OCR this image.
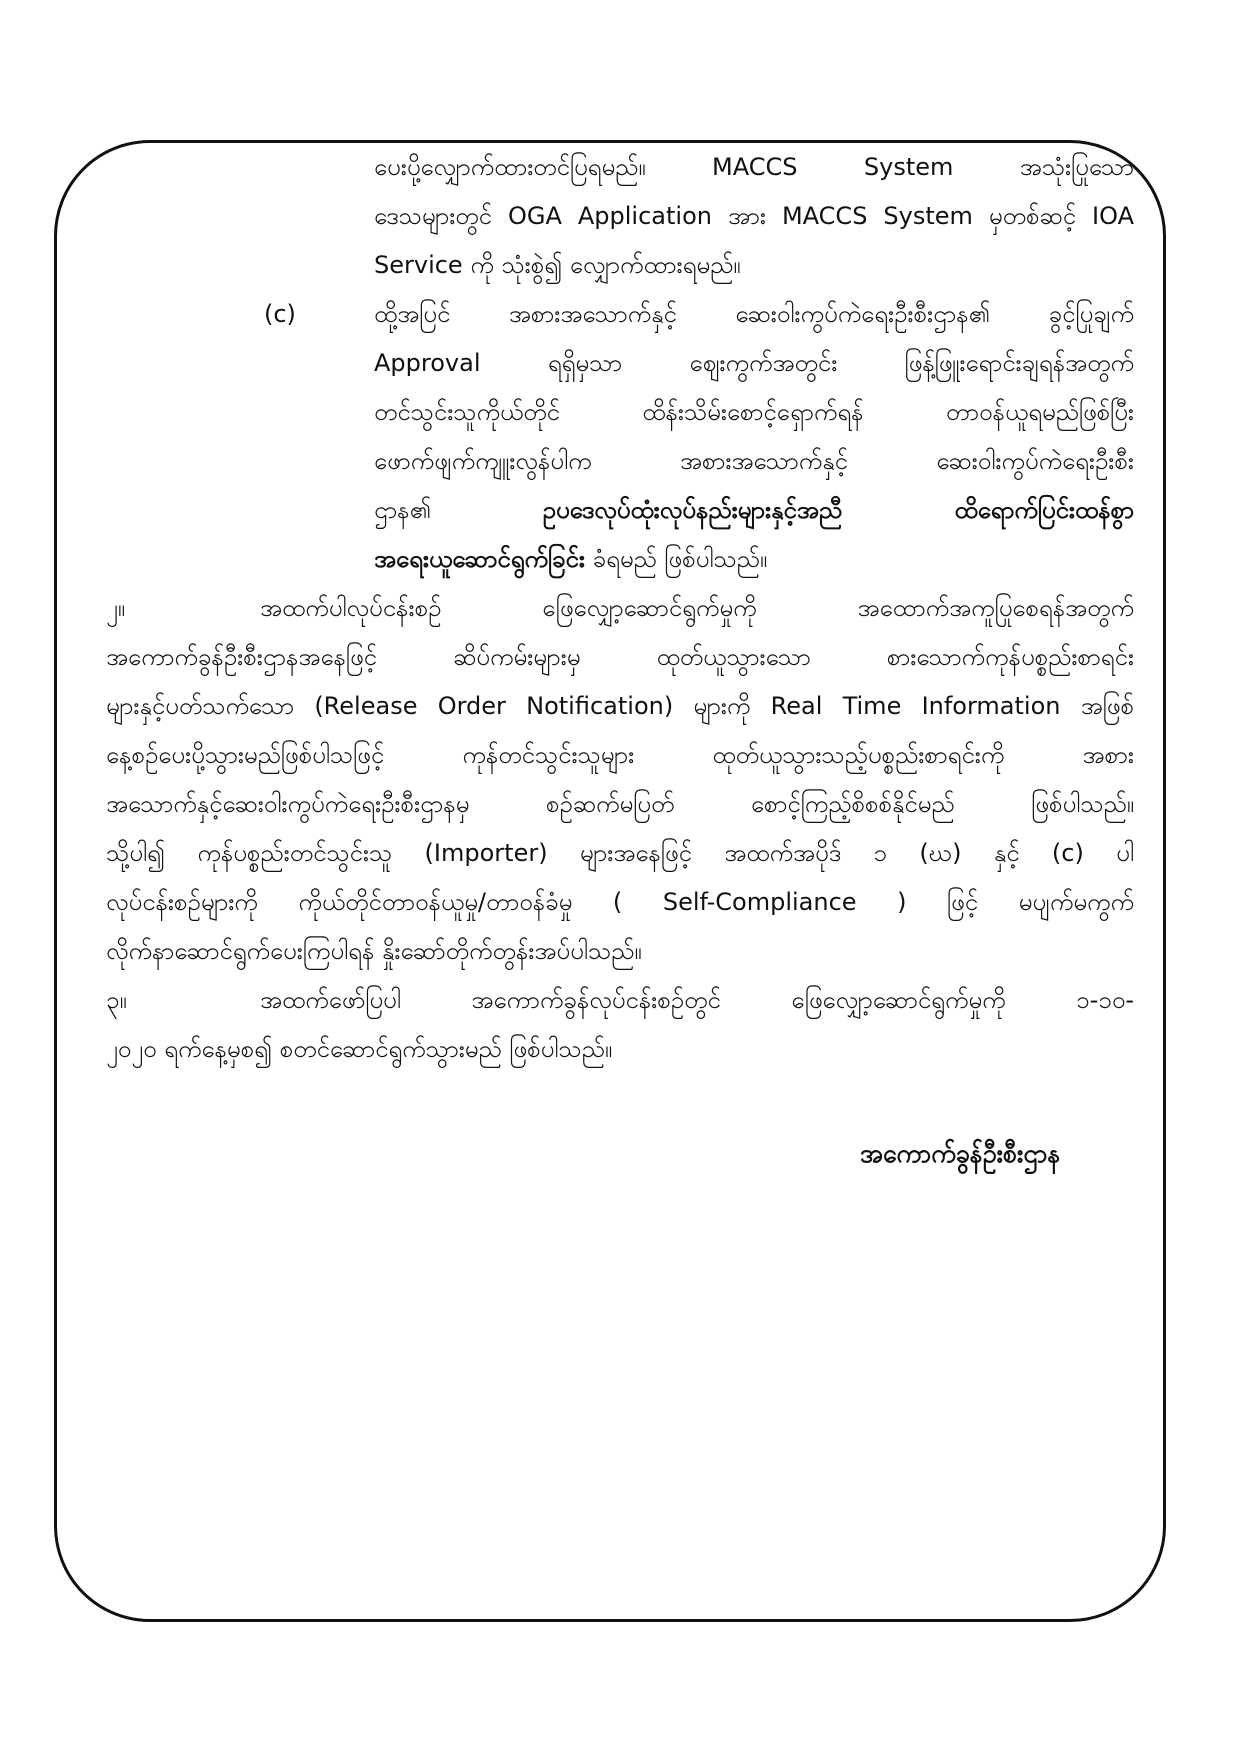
ပေးပို့လျှောက်ထားတင်ပြရမည်။ MACCS System အသုံးပြုသော
ဒေသများတွင် OGA Application အား MACCS System မှတစ်ဆင့် IOA
Service ကို သုံးစွဲ၍ လျှောက်ထားရမည်။
(c)	ထို့အပြင် အစားအသောက်နှင့် ဆေးဝါးကွပ်ကဲရေးဦးစီးဌာန၏ ခွင့်ပြုချက်
Approval ရရှိမှသာ ဈေးကွက်အတွင်း ဖြန့်ဖြူးရောင်းချရန်အတွက်
တင်သွင်းသူကိုယ်တိုင် ထိန်းသိမ်းစောင့်ရှောက်ရန် တာဝန်ယူရမည်ဖြစ်ပြီး
ဖောက်ဖျက်ကျူးလွန်ပါက အစားအသောက်နှင့် ဆေးဝါးကွပ်ကဲရေးဦးစီး
ဌာန၏	ဥပဒေလုပ်ထုံးလုပ်နည်းများနှင့်အညီ ထိရောက်ပြင်းထန်စွာ
အရေးယူဆောင်ရွက်ခြင်း ခံရမည် ဖြစ်ပါသည်။
၂။	အထက်ပါလုပ်ငန်းစဉ် ဖြေလျှော့ဆောင်ရွက်မှုကို အထောက်အကူပြုစေရန်အတွက်
အကောက်ခွန်ဦးစီးဌာနအနေဖြင့် ဆိပ်ကမ်းများမှ ထုတ်ယူသွားသော စားသောက်ကုန်ပစ္စည်းစာရင်း
များနှင့်ပတ်သက်သော (Release Order Notification) များကို Real Time Information အဖြစ်
နေ့စဉ်ပေးပို့သွားမည်ဖြစ်ပါသဖြင့် ကုန်တင်သွင်းသူများ ထုတ်ယူသွားသည့်ပစ္စည်းစာရင်းကို အစား
အသောက်နှင့်ဆေးဝါးကွပ်ကဲရေးဦးစီးဌာနမှ စဉ်ဆက်မပြတ် စောင့်ကြည့်စိစစ်နိုင်မည် ဖြစ်ပါသည်။
သို့ပါ၍ ကုန်ပစ္စည်းတင်သွင်းသူ (Importer) များအနေဖြင့် အထက်အပိုဒ် ၁ (ဃ) နှင့် (c) ပါ
လုပ်ငန်းစဉ်များကို ကိုယ်တိုင်တာဝန်ယူမှု/တာဝန်ခံမှု ( Self-Compliance ) ဖြင့် မပျက်မကွက်
လိုက်နာဆောင်ရွက်ပေးကြပါရန် နှိုးဆော်တိုက်တွန်းအပ်ပါသည်။
၃။	အထက်ဖော်ပြပါ အကောက်ခွန်လုပ်ငန်းစဉ်တွင် ဖြေလျှော့ဆောင်ရွက်မှုကို ၁-၁၀-
၂၀၂၀ ရက်နေ့မှစ၍ စတင်ဆောင်ရွက်သွားမည် ဖြစ်ပါသည်။
အကောက်ခွန်ဦးစီးဌာန
